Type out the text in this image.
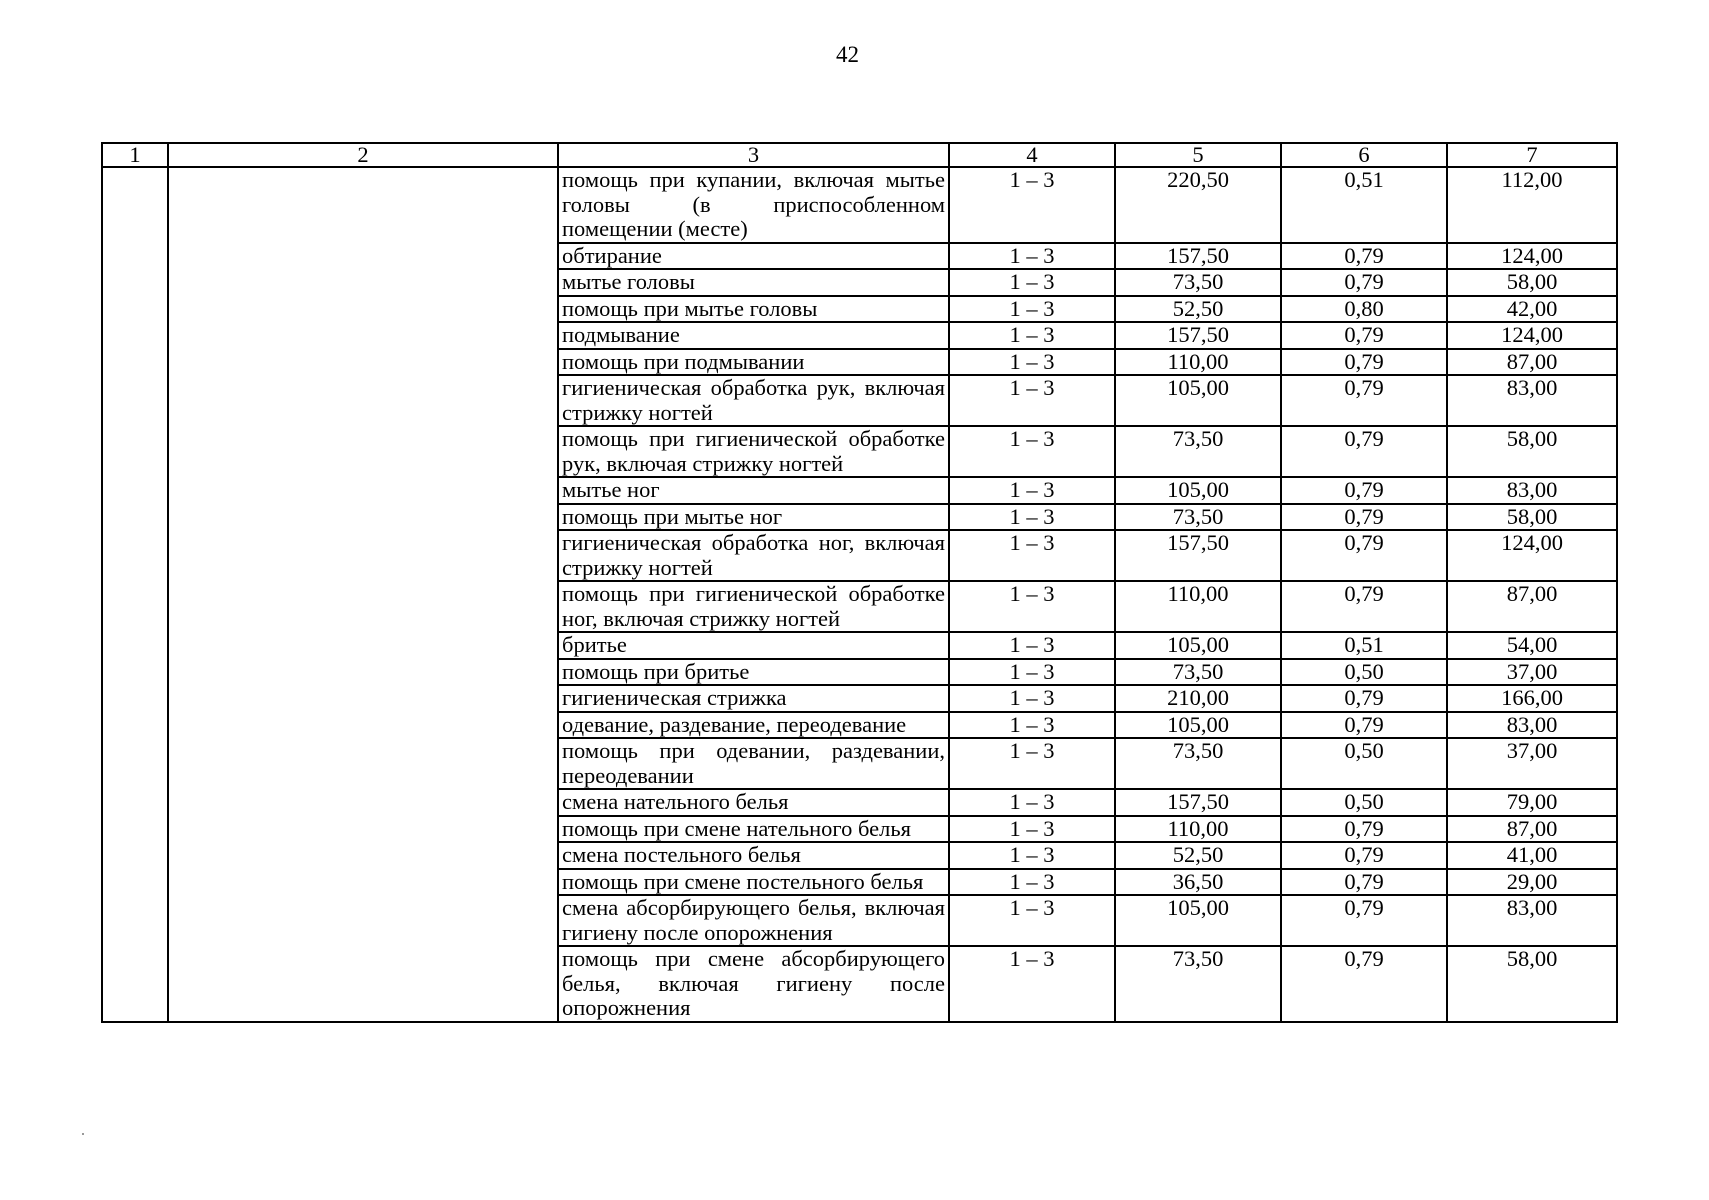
42
1	2	3	4	5	6	7
		помощь при купании, включая мытье головы (в приспособленном помещении (месте)	1 – 3	220,50	0,51	112,00
		обтирание	1 – 3	157,50	0,79	124,00
		мытье головы	1 – 3	73,50	0,79	58,00
		помощь при мытье головы	1 – 3	52,50	0,80	42,00
		подмывание	1 – 3	157,50	0,79	124,00
		помощь при подмывании	1 – 3	110,00	0,79	87,00
		гигиеническая обработка рук, включая стрижку ногтей	1 – 3	105,00	0,79	83,00
		помощь при гигиенической обработке рук, включая стрижку ногтей	1 – 3	73,50	0,79	58,00
		мытье ног	1 – 3	105,00	0,79	83,00
		помощь при мытье ног	1 – 3	73,50	0,79	58,00
		гигиеническая обработка ног, включая стрижку ногтей	1 – 3	157,50	0,79	124,00
		помощь при гигиенической обработке ног, включая стрижку ногтей	1 – 3	110,00	0,79	87,00
		бритье	1 – 3	105,00	0,51	54,00
		помощь при бритье	1 – 3	73,50	0,50	37,00
		гигиеническая стрижка	1 – 3	210,00	0,79	166,00
		одевание, раздевание, переодевание	1 – 3	105,00	0,79	83,00
		помощь при одевании, раздевании, переодевании	1 – 3	73,50	0,50	37,00
		смена нательного белья	1 – 3	157,50	0,50	79,00
		помощь при смене нательного белья	1 – 3	110,00	0,79	87,00
		смена постельного белья	1 – 3	52,50	0,79	41,00
		помощь при смене постельного белья	1 – 3	36,50	0,79	29,00
		смена абсорбирующего белья, включая гигиену после опорожнения	1 – 3	105,00	0,79	83,00
		помощь при смене абсорбирующего белья, включая гигиену после опорожнения	1 – 3	73,50	0,79	58,00
